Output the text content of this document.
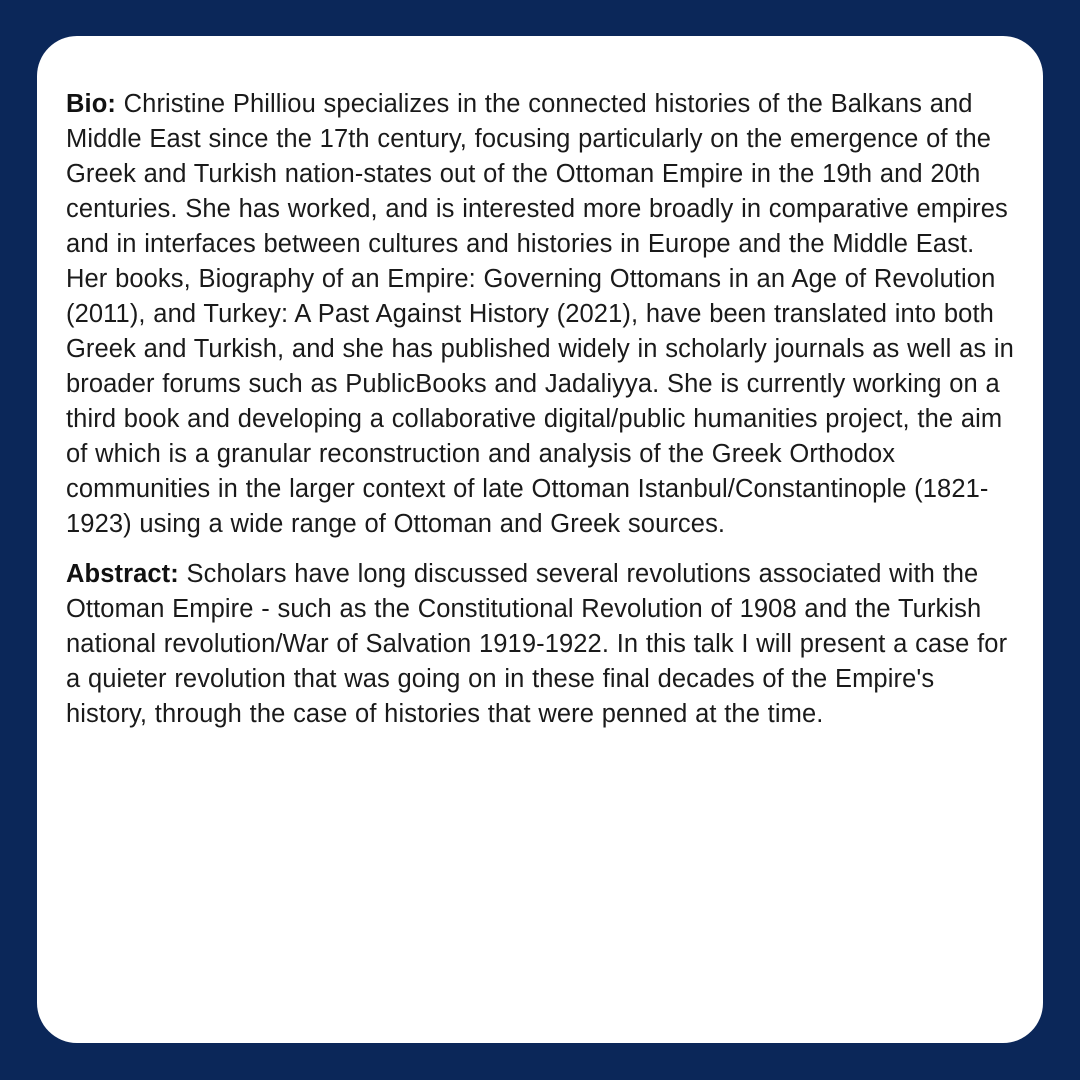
Bio: Christine Philliou specializes in the connected histories of the Balkans and Middle East since the 17th century, focusing particularly on the emergence of the Greek and Turkish nation-states out of the Ottoman Empire in the 19th and 20th centuries. She has worked, and is interested more broadly in comparative empires and in interfaces between cultures and histories in Europe and the Middle East. Her books, Biography of an Empire: Governing Ottomans in an Age of Revolution (2011), and Turkey: A Past Against History (2021), have been translated into both Greek and Turkish, and she has published widely in scholarly journals as well as in broader forums such as PublicBooks and Jadaliyya. She is currently working on a third book and developing a collaborative digital/public humanities project, the aim of which is a granular reconstruction and analysis of the Greek Orthodox communities in the larger context of late Ottoman Istanbul/Constantinople (1821-1923) using a wide range of Ottoman and Greek sources.

Abstract: Scholars have long discussed several revolutions associated with the Ottoman Empire - such as the Constitutional Revolution of 1908 and the Turkish national revolution/War of Salvation 1919-1922. In this talk I will present a case for a quieter revolution that was going on in these final decades of the Empire's history, through the case of histories that were penned at the time.
